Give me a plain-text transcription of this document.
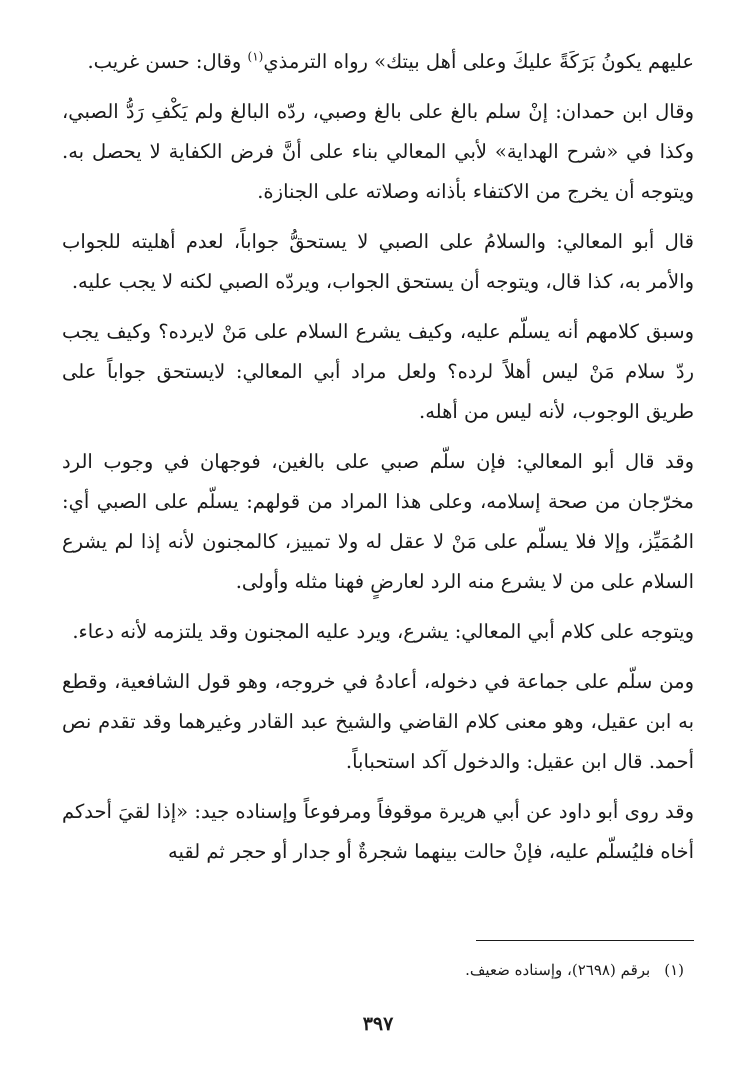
عليهم يكونُ بَرَكَةً عليكَ وعلى أهل بيتك» رواه الترمذي$^{(١)}$ وقال: حسن غريب.

وقال ابن حمدان: إنْ سلم بالغ على بالغ وصبي، ردّه البالغ ولم يَكْفِ رَدُّ الصبي، وكذا في «شرح الهداية» لأبي المعالي بناء على أنَّ فرض الكفاية لا يحصل به. ويتوجه أن يخرج من الاكتفاء بأذانه وصلاته على الجنازة.

قال أبو المعالي: والسلامُ على الصبي لا يستحقُّ جواباً، لعدم أهليته للجواب والأمر به، كذا قال، ويتوجه أن يستحق الجواب، ويردّه الصبي لكنه لا يجب عليه.

وسبق كلامهم أنه يسلّم عليه، وكيف يشرع السلام على مَنْ لايرده؟ وكيف يجب ردّ سلام مَنْ ليس أهلاً لرده؟ ولعل مراد أبي المعالي: لايستحق جواباً على طريق الوجوب، لأنه ليس من أهله.

وقد قال أبو المعالي: فإن سلّم صبي على بالغين، فوجهان في وجوب الرد مخرّجان من صحة إسلامه، وعلى هذا المراد من قولهم: يسلّم على الصبي أي: المُمَيِّز، وإلا فلا يسلّم على مَنْ لا عقل له ولا تمييز، كالمجنون لأنه إذا لم يشرع السلام على من لا يشرع منه الرد لعارضٍ فهنا مثله وأولى.

ويتوجه على كلام أبي المعالي: يشرع، ويرد عليه المجنون وقد يلتزمه لأنه دعاء.

ومن سلّم على جماعة في دخوله، أعادهُ في خروجه، وهو قول الشافعية، وقطع به ابن عقيل، وهو معنى كلام القاضي والشيخ عبد القادر وغيرهما وقد تقدم نص أحمد. قال ابن عقيل: والدخول آكد استحباباً.

وقد روى أبو داود عن أبي هريرة موقوفاً ومرفوعاً وإسناده جيد: «إذا لقيَ أحدكم أخاه فليُسلّم عليه، فإنْ حالت بينهما شجرةٌ أو جدار أو حجر ثم لقيه

(١)برقم (٢٦٩٨)، وإسناده ضعيف.
٣٩٧
